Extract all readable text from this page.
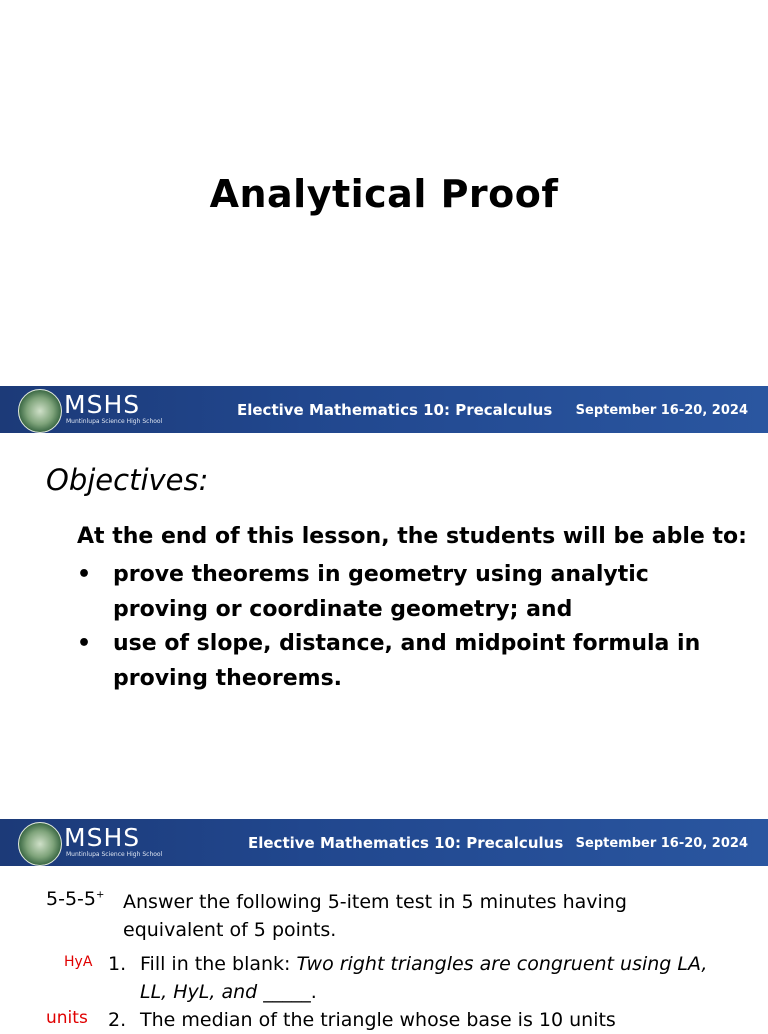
Analytical Proof
MSHS
Muntinlupa Science High School
Elective Mathematics 10: Precalculus September 16-20, 2024
Objectives:
At the end of this lesson, the students will be able to:
• prove theorems in geometry using analytic proving or coordinate geometry; and
• use of slope, distance, and midpoint formula in proving theorems.
MSHS
Muntinlupa Science High School
Elective Mathematics 10: Precalculus September 16-20, 2024
5-5-5+ Answer the following 5-item test in 5 minutes having equivalent of 5 points.
HyA 1. Fill in the blank: Two right triangles are congruent using LA, LL, HyL, and _____.
units 2. The median of the triangle whose base is 10 units
